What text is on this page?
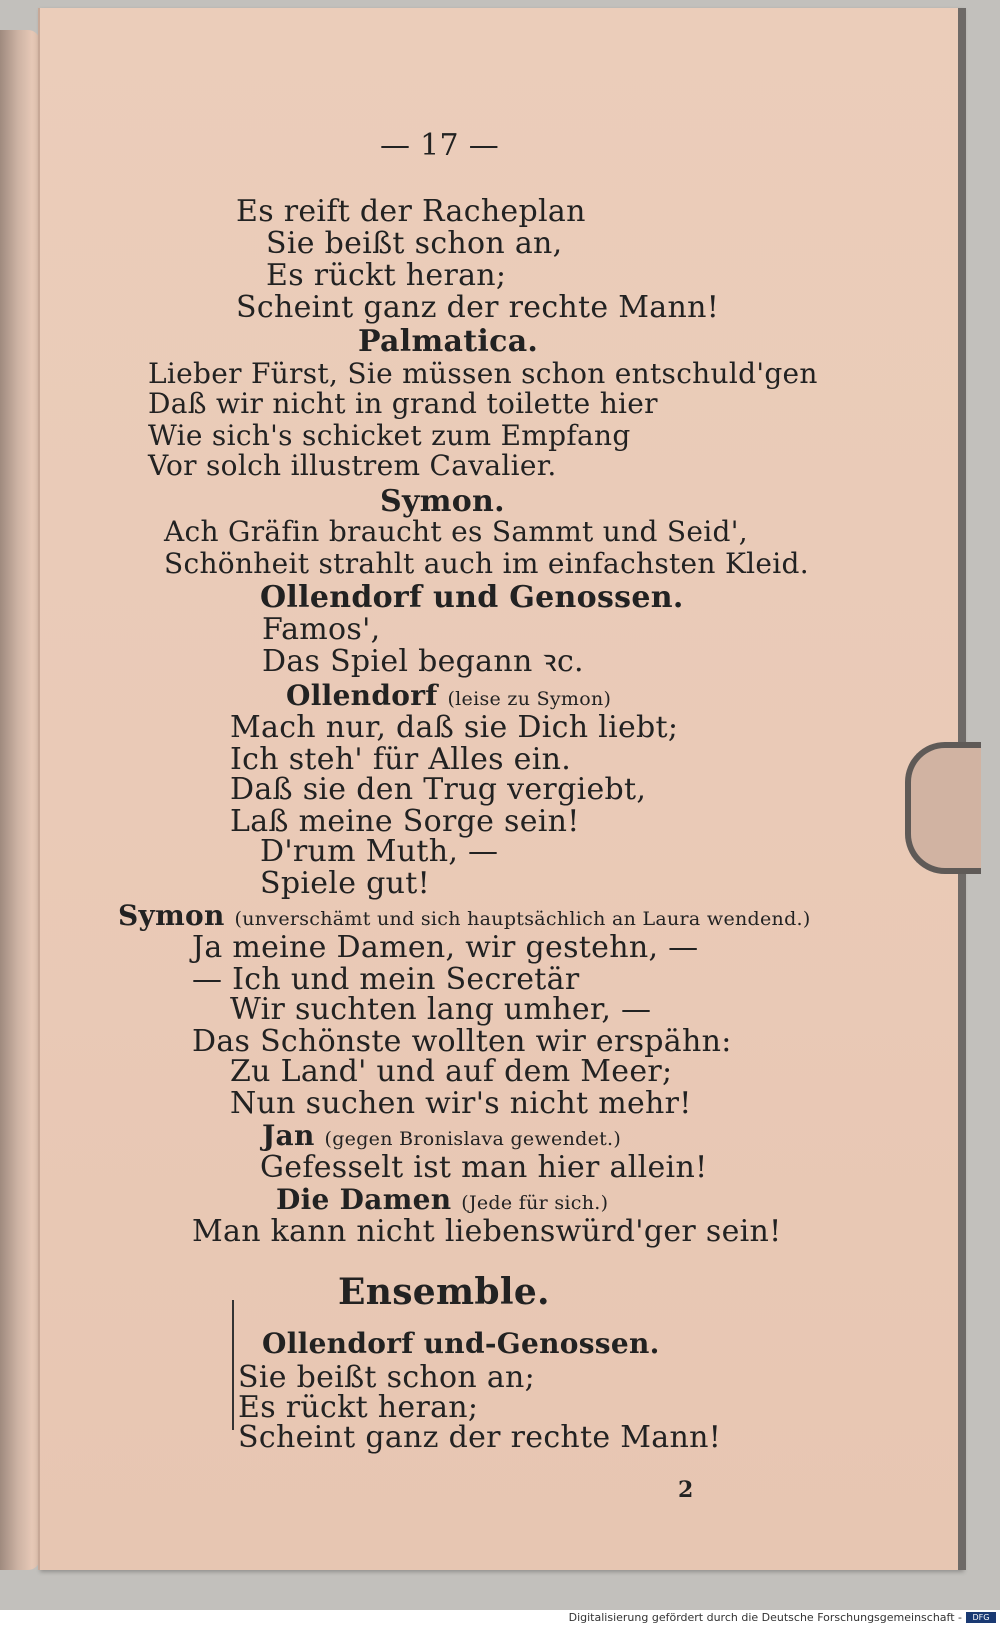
— 17 —
Es reift der Racheplan
Sie beißt schon an,
Es rückt heran;
Scheint ganz der rechte Mann!
Palmatica.
Lieber Fürst, Sie müssen schon entschuld'gen
Daß wir nicht in grand toilette hier
Wie sich's schicket zum Empfang
Vor solch illustrem Cavalier.
Symon.
Ach Gräfin braucht es Sammt und Seid',
Schönheit strahlt auch im einfachsten Kleid.
Ollendorf und Genossen.
Famos',
Das Spiel begann ꝛc.
Ollendorf (leise zu Symon)
Mach nur, daß sie Dich liebt;
Ich steh' für Alles ein.
Daß sie den Trug vergiebt,
Laß meine Sorge sein!
D'rum Muth, —
Spiele gut!
Symon (unverschämt und sich hauptsächlich an Laura wendend.)
Ja meine Damen, wir gestehn, —
— Ich und mein Secretär
Wir suchten lang umher, —
Das Schönste wollten wir erspähn:
Zu Land' und auf dem Meer;
Nun suchen wir's nicht mehr!
Jan (gegen Bronislava gewendet.)
Gefesselt ist man hier allein!
Die Damen (Jede für sich.)
Man kann nicht liebenswürd'ger sein!
Ensemble.
Ollendorf und-Genossen.
Sie beißt schon an;
Es rückt heran;
Scheint ganz der rechte Mann!
2
Digitalisierung gefördert durch die Deutsche Forschungsgemeinschaft -	DFG
